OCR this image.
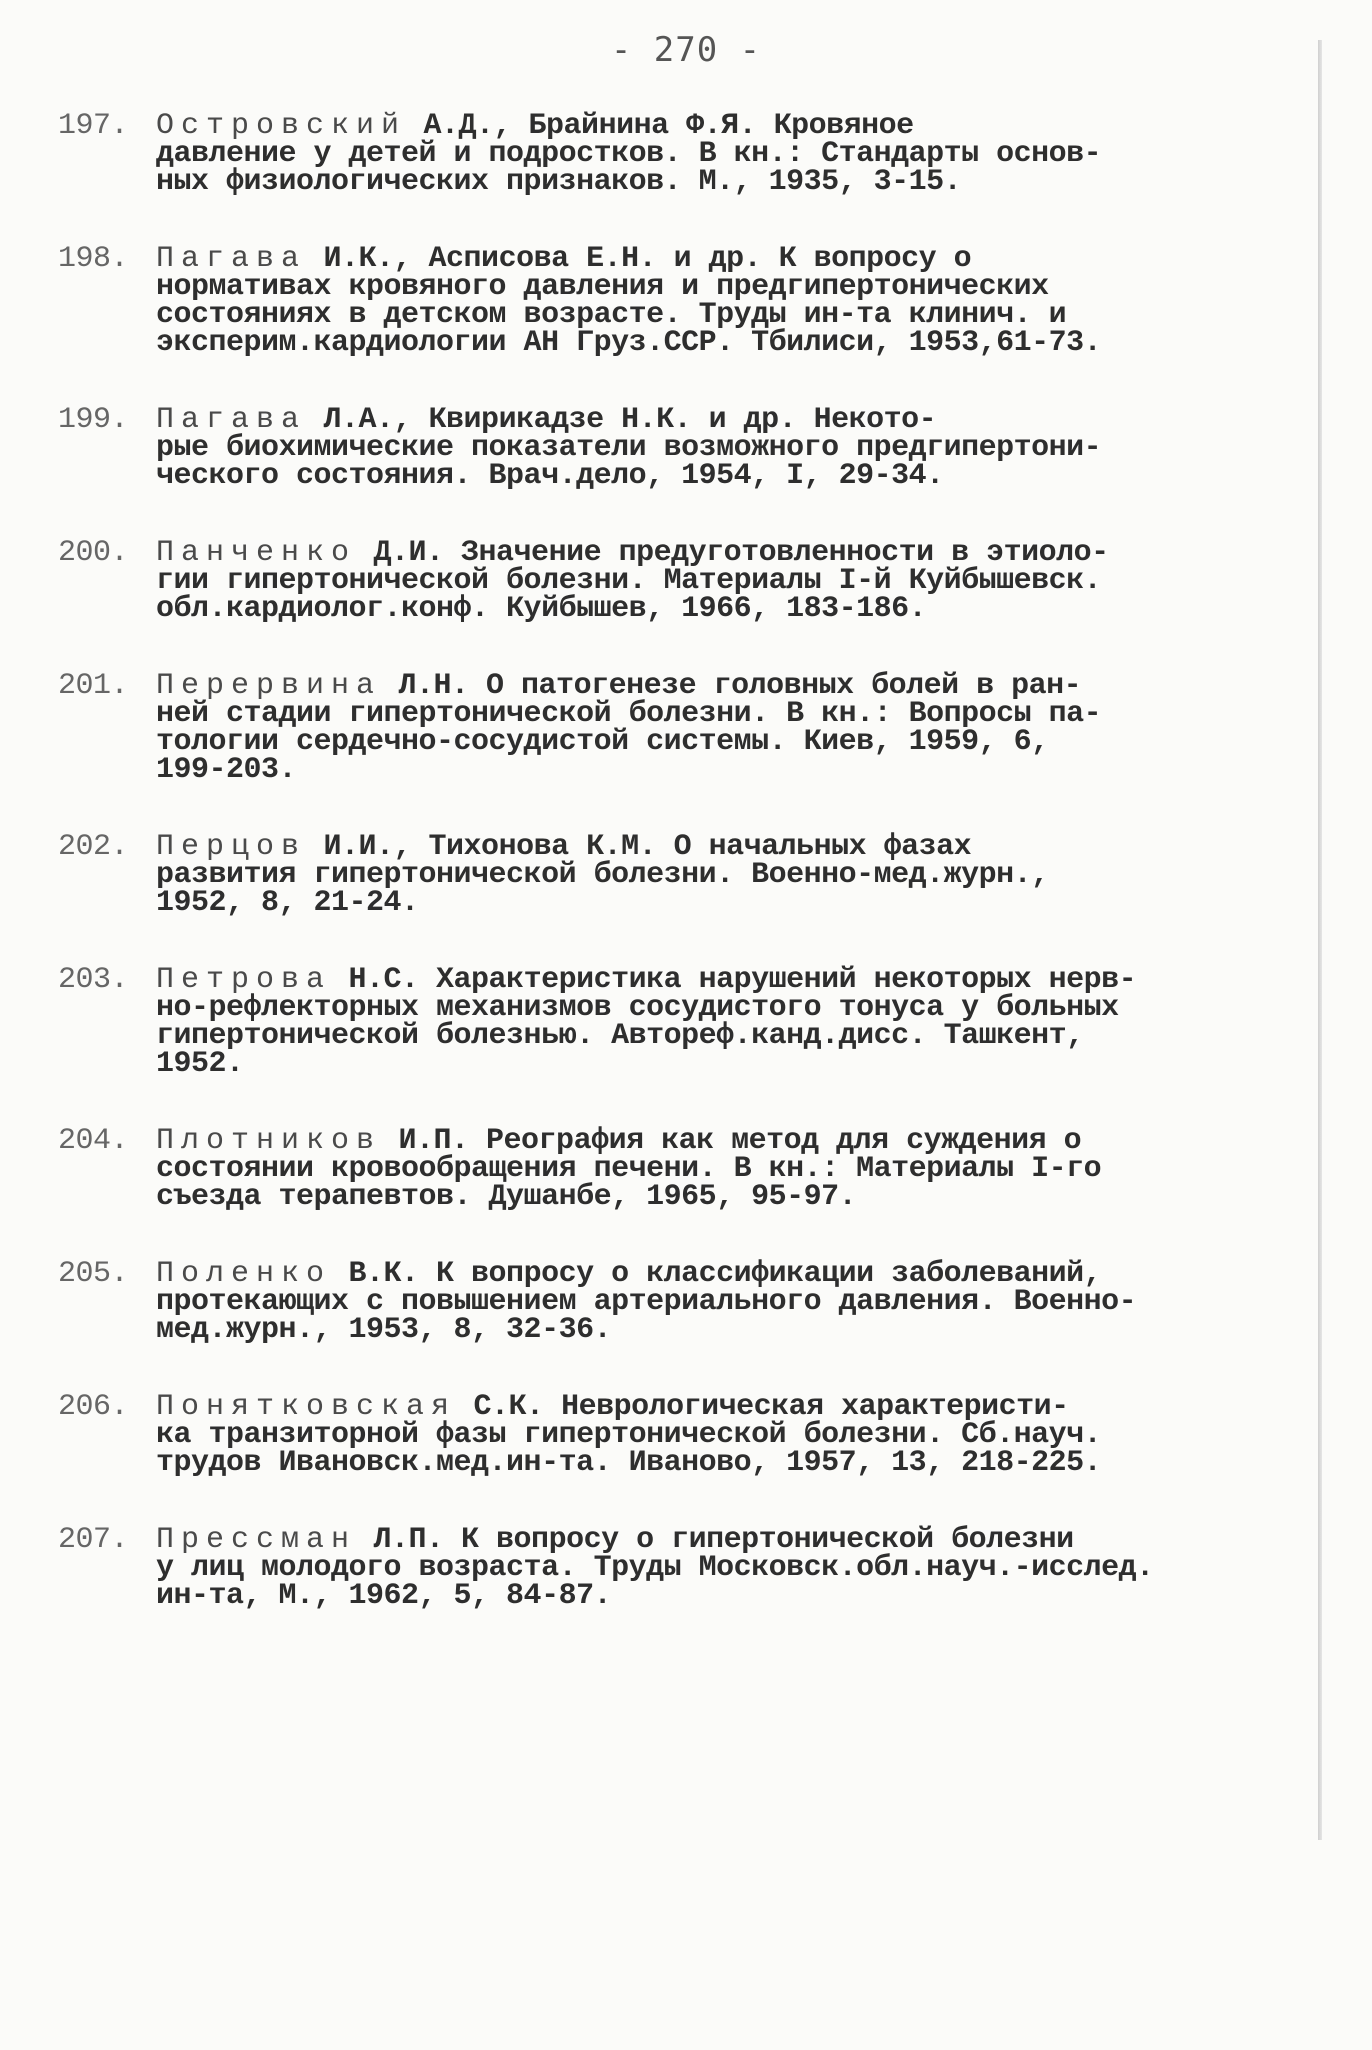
- 270 -
197. Островский А.Д., Брайнина Ф.Я. Кровяное
давление у детей и подростков. В кн.: Стандарты основ-
ных физиологических признаков. М., 1935, 3-15.
198. Пагава И.К., Асписова Е.Н. и др. К вопросу о
нормативах кровяного давления и предгипертонических
состояниях в детском возрасте. Труды ин-та клинич. и
эксперим.кардиологии АН Груз.ССР. Тбилиси, 1953,61-73.
199. Пагава Л.А., Квирикадзе Н.К. и др. Некото-
рые биохимические показатели возможного предгипертони-
ческого состояния. Врач.дело, 1954, I, 29-34.
200. Панченко Д.И. Значение предуготовленности в этиоло-
гии гипертонической болезни. Материалы I-й Куйбышевск.
обл.кардиолог.конф. Куйбышев, 1966, 183-186.
201. Перервина Л.Н. О патогенезе головных болей в ран-
ней стадии гипертонической болезни. В кн.: Вопросы па-
тологии сердечно-сосудистой системы. Киев, 1959, 6,
199-203.
202. Перцов И.И., Тихонова К.М. О начальных фазах
развития гипертонической болезни. Военно-мед.журн.,
1952, 8, 21-24.
203. Петрова Н.С. Характеристика нарушений некоторых нерв-
но-рефлекторных механизмов сосудистого тонуса у больных
гипертонической болезнью. Автореф.канд.дисс. Ташкент,
1952.
204. Плотников И.П. Реография как метод для суждения о
состоянии кровообращения печени. В кн.: Материалы I-го
съезда терапевтов. Душанбе, 1965, 95-97.
205. Поленко В.К. К вопросу о классификации заболеваний,
протекающих с повышением артериального давления. Военно-
мед.журн., 1953, 8, 32-36.
206. Понятковская С.К. Неврологическая характеристи-
ка транзиторной фазы гипертонической болезни. Сб.науч.
трудов Ивановск.мед.ин-та. Иваново, 1957, 13, 218-225.
207. Прессман Л.П. К вопросу о гипертонической болезни
у лиц молодого возраста. Труды Московск.обл.науч.-исслед.
ин-та, М., 1962, 5, 84-87.
